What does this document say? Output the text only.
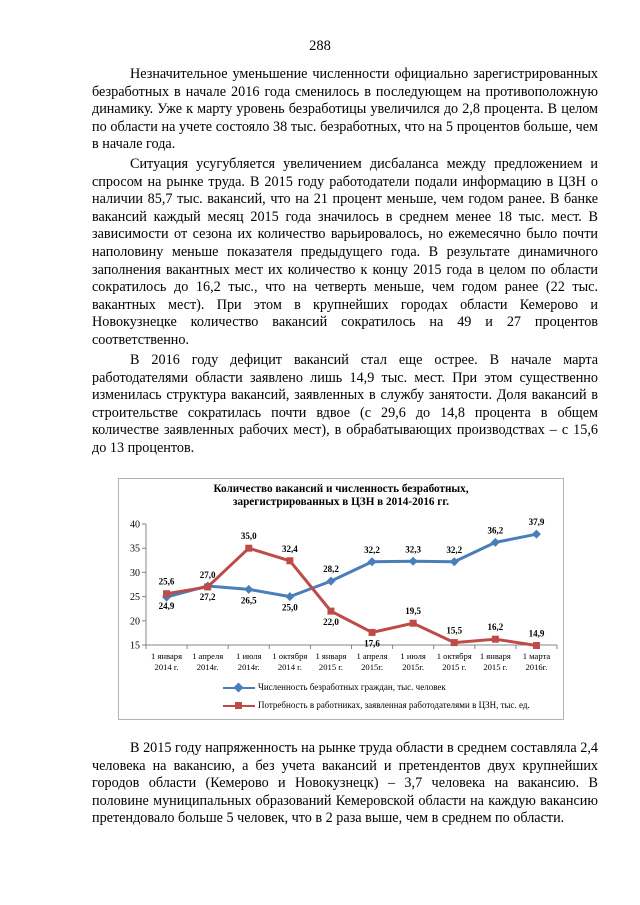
288

Незначительное уменьшение численности официально зарегистрированных безработных в начале 2016 года сменилось в последующем на противоположную динамику. Уже к марту уровень безработицы увеличился до 2,8 процента. В целом по области на учете состояло 38 тыс. безработных, что на 5 процентов больше, чем в начале года.

Ситуация усугубляется увеличением дисбаланса между предложением и спросом на рынке труда. В 2015 году работодатели подали информацию в ЦЗН о наличии 85,7 тыс. вакансий, что на 21 процент меньше, чем годом ранее. В банке вакансий каждый месяц 2015 года значилось в среднем менее 18 тыс. мест. В зависимости от сезона их количество варьировалось, но ежемесячно было почти наполовину меньше показателя предыдущего года. В результате динамичного заполнения вакантных мест их количество к концу 2015 года в целом по области сократилось до 16,2 тыс., что на четверть меньше, чем годом ранее (22 тыс. вакантных мест). При этом в крупнейших городах области Кемерово и Новокузнецке количество вакансий сократилось на 49 и 27 процентов соответственно.

В 2016 году дефицит вакансий стал еще острее. В начале марта работодателями области заявлено лишь 14,9 тыс. мест. При этом существенно изменилась структура вакансий, заявленных в службу занятости. Доля вакансий в строительстве сократилась почти вдвое (с 29,6 до 14,8 процента в общем количестве заявленных рабочих мест), в обрабатывающих производствах – с 15,6 до 13 процентов.

Количество вакансий и численность безработных,
зарегистрированных в ЦЗН в 2014-2016 гг.
15
20
25
30
35
40
1 января
2014 г.
1 апреля
2014г.
1 июля
2014г.
1 октября
2014 г.
1 января
2015 г.
1 апреля
2015г.
1 июля
2015г.
1 октября
2015 г.
1 января
2015 г.
1 марта
2016г.
24,9
27,2	26,5
25,0
28,2
32,2	32,3	32,2
36,2
37,9
25,6
27,0
35,0
32,4
22,0
17,6
19,5
15,5	16,2
14,9
Численность безработных граждан, тыс. человек
Потребность в работниках, заявленная работодателями в ЦЗН, тыс. ед.

В 2015 году напряженность на рынке труда области в среднем составляла 2,4 человека на вакансию, а без учета вакансий и претендентов двух крупнейших городов области (Кемерово и Новокузнецк) – 3,7 человека на вакансию. В половине муниципальных образований Кемеровской области на каждую вакансию претендовало больше 5 человек, что в 2 раза выше, чем в среднем по области.
